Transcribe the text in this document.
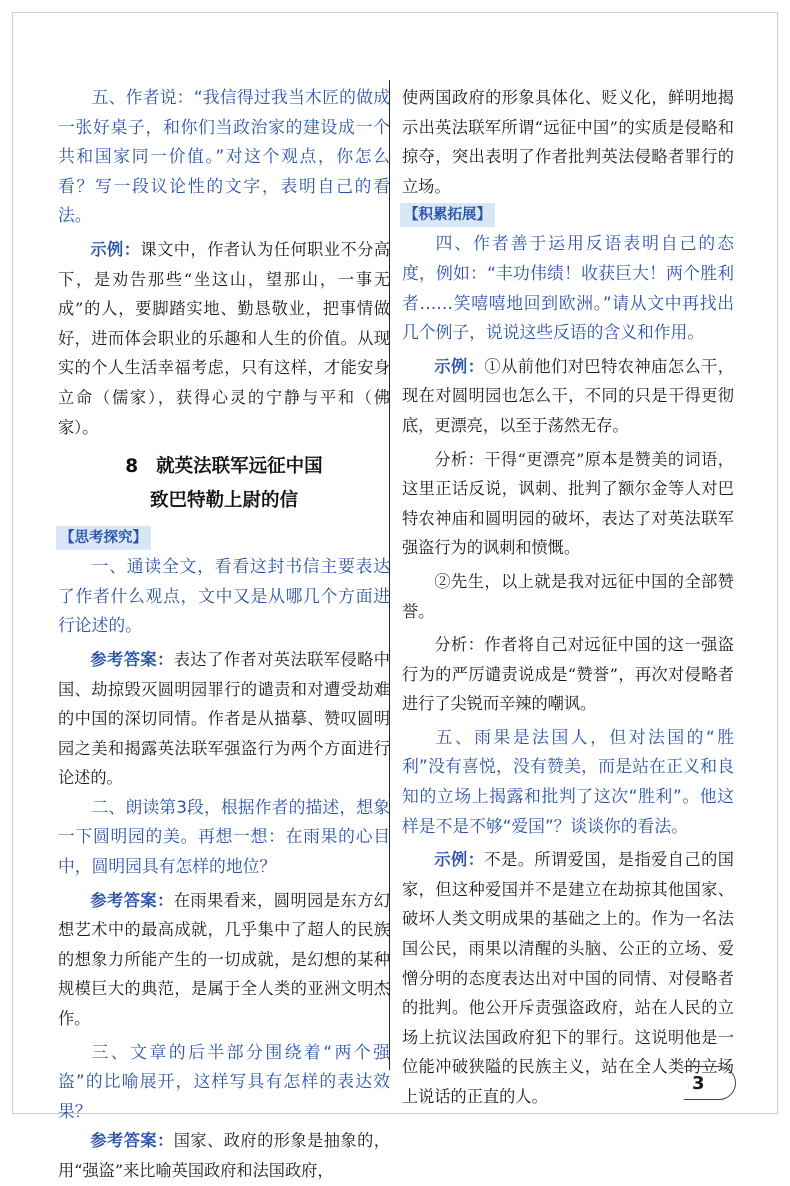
五、作者说：“我信得过我当木匠的做成一张好桌子，和你们当政治家的建设成一个共和国家同一价值。”对这个观点，你怎么看？写一段议论性的文字，表明自己的看法。

示例：课文中，作者认为任何职业不分高下，是劝告那些“坐这山，望那山，一事无成”的人，要脚踏实地、勤恳敬业，把事情做好，进而体会职业的乐趣和人生的价值。从现实的个人生活幸福考虑，只有这样，才能安身立命（儒家），获得心灵的宁静与平和（佛家）。

8 就英法联军远征中国
致巴特勒上尉的信
【思考探究】

一、通读全文，看看这封书信主要表达了作者什么观点，文中又是从哪几个方面进行论述的。

参考答案：表达了作者对英法联军侵略中国、劫掠毁灭圆明园罪行的谴责和对遭受劫难的中国的深切同情。作者是从描摹、赞叹圆明园之美和揭露英法联军强盗行为两个方面进行论述的。

二、朗读第3段，根据作者的描述，想象一下圆明园的美。再想一想：在雨果的心目中，圆明园具有怎样的地位？

参考答案：在雨果看来，圆明园是东方幻想艺术中的最高成就，几乎集中了超人的民族的想象力所能产生的一切成就，是幻想的某种规模巨大的典范，是属于全人类的亚洲文明杰作。

三、文章的后半部分围绕着“两个强盗”的比喻展开，这样写具有怎样的表达效果？

参考答案：国家、政府的形象是抽象的，用“强盗”来比喻英国政府和法国政府，

使两国政府的形象具体化、贬义化，鲜明地揭示出英法联军所谓“远征中国”的实质是侵略和掠夺，突出表明了作者批判英法侵略者罪行的立场。

【积累拓展】

四、作者善于运用反语表明自己的态度，例如：“丰功伟绩！收获巨大！两个胜利者……笑嘻嘻地回到欧洲。”请从文中再找出几个例子，说说这些反语的含义和作用。

示例：①从前他们对巴特农神庙怎么干，现在对圆明园也怎么干，不同的只是干得更彻底，更漂亮，以至于荡然无存。

分析：干得“更漂亮”原本是赞美的词语，这里正话反说，讽刺、批判了额尔金等人对巴特农神庙和圆明园的破坏，表达了对英法联军强盗行为的讽刺和愤慨。

②先生，以上就是我对远征中国的全部赞誉。

分析：作者将自己对远征中国的这一强盗行为的严厉谴责说成是“赞誉”，再次对侵略者进行了尖锐而辛辣的嘲讽。

五、雨果是法国人，但对法国的“胜利”没有喜悦，没有赞美，而是站在正义和良知的立场上揭露和批判了这次“胜利”。他这样是不是不够“爱国”？谈谈你的看法。

示例：不是。所谓爱国，是指爱自己的国家，但这种爱国并不是建立在劫掠其他国家、破坏人类文明成果的基础之上的。作为一名法国公民，雨果以清醒的头脑、公正的立场、爱憎分明的态度表达出对中国的同情、对侵略者的批判。他公开斥责强盗政府，站在人民的立场上抗议法国政府犯下的罪行。这说明他是一位能冲破狭隘的民族主义，站在全人类的立场上说话的正直的人。

3
